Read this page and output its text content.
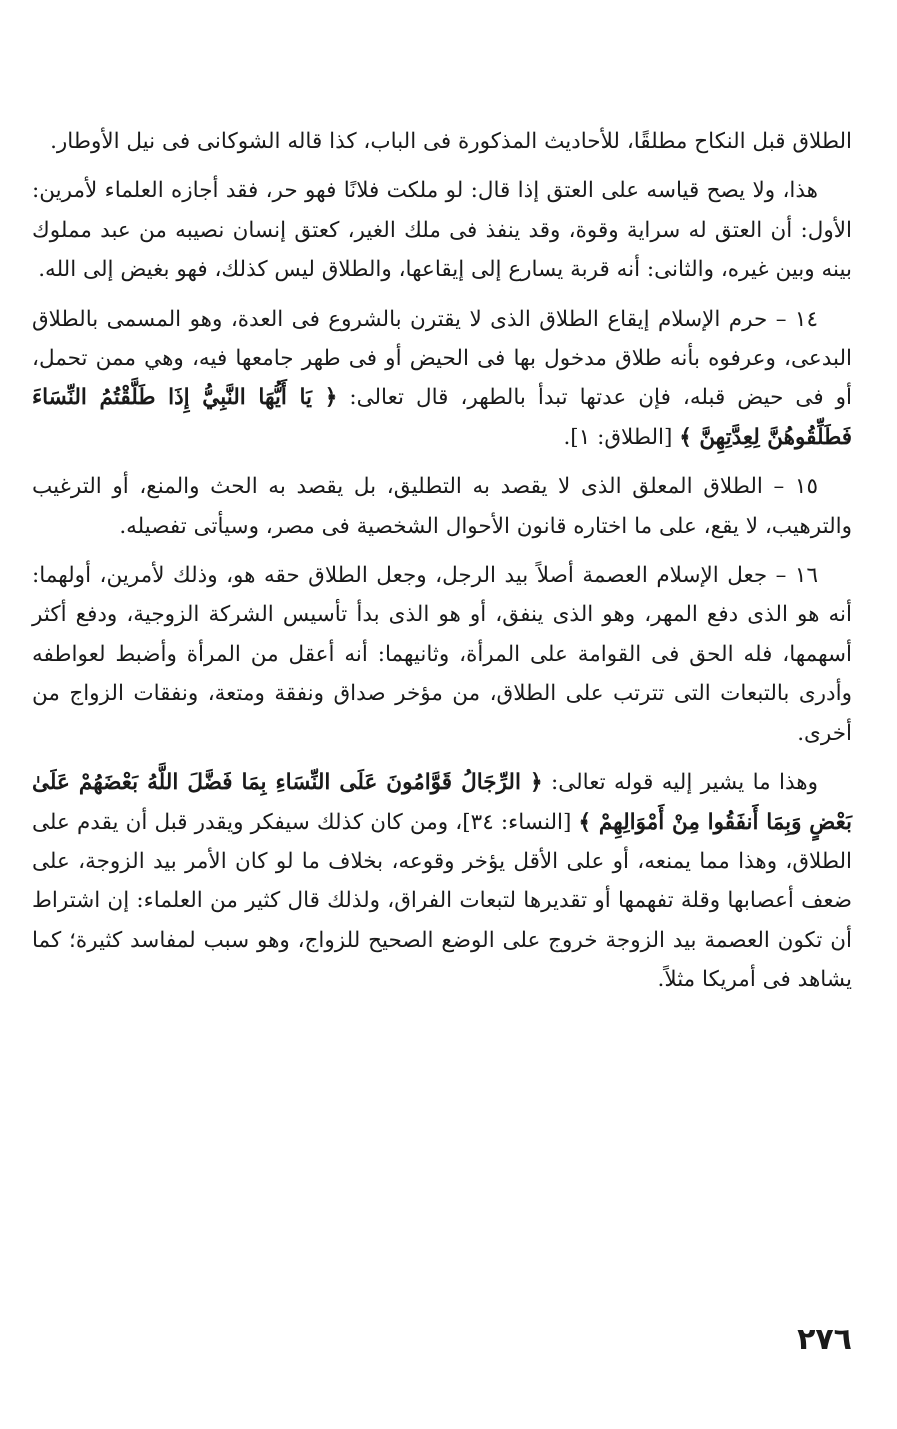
الطلاق قبل النكاح مطلقًا، للأحاديث المذكورة فى الباب، كذا قاله الشوكانى فى نيل الأوطار.

هذا، ولا يصح قياسه على العتق إذا قال: لو ملكت فلانًا فهو حر، فقد أجازه العلماء لأمرين: الأول: أن العتق له سراية وقوة، وقد ينفذ فى ملك الغير، كعتق إنسان نصيبه من عبد مملوك بينه وبين غيره، والثانى: أنه قربة يسارع إلى إيقاعها، والطلاق ليس كذلك، فهو بغيض إلى الله.

١٤ – حرم الإسلام إيقاع الطلاق الذى لا يقترن بالشروع فى العدة، وهو المسمى بالطلاق البدعى، وعرفوه بأنه طلاق مدخول بها فى الحيض أو فى طهر جامعها فيه، وهي ممن تحمل، أو فى حيض قبله، فإن عدتها تبدأ بالطهر، قال تعالى: ﴿ يَا أَيُّهَا النَّبِيُّ إِذَا طَلَّقْتُمُ النِّسَاءَ فَطَلِّقُوهُنَّ لِعِدَّتِهِنَّ ﴾ [الطلاق: ١].

١٥ – الطلاق المعلق الذى لا يقصد به التطليق، بل يقصد به الحث والمنع، أو الترغيب والترهيب، لا يقع، على ما اختاره قانون الأحوال الشخصية فى مصر، وسيأتى تفصيله.

١٦ – جعل الإسلام العصمة أصلاً بيد الرجل، وجعل الطلاق حقه هو، وذلك لأمرين، أولهما: أنه هو الذى دفع المهر، وهو الذى ينفق، أو هو الذى بدأ تأسيس الشركة الزوجية، ودفع أكثر أسهمها، فله الحق فى القوامة على المرأة، وثانيهما: أنه أعقل من المرأة وأضبط لعواطفه وأدرى بالتبعات التى تترتب على الطلاق، من مؤخر صداق ونفقة ومتعة، ونفقات الزواج من أخرى.

وهذا ما يشير إليه قوله تعالى: ﴿ الرِّجَالُ قَوَّامُونَ عَلَى النِّسَاءِ بِمَا فَضَّلَ اللَّهُ بَعْضَهُمْ عَلَىٰ بَعْضٍ وَبِمَا أَنفَقُوا مِنْ أَمْوَالِهِمْ ﴾ [النساء: ٣٤]، ومن كان كذلك سيفكر ويقدر قبل أن يقدم على الطلاق، وهذا مما يمنعه، أو على الأقل يؤخر وقوعه، بخلاف ما لو كان الأمر بيد الزوجة، على ضعف أعصابها وقلة تفهمها أو تقديرها لتبعات الفراق، ولذلك قال كثير من العلماء: إن اشتراط أن تكون العصمة بيد الزوجة خروج على الوضع الصحيح للزواج، وهو سبب لمفاسد كثيرة؛ كما يشاهد فى أمريكا مثلاً.

٢٧٦
